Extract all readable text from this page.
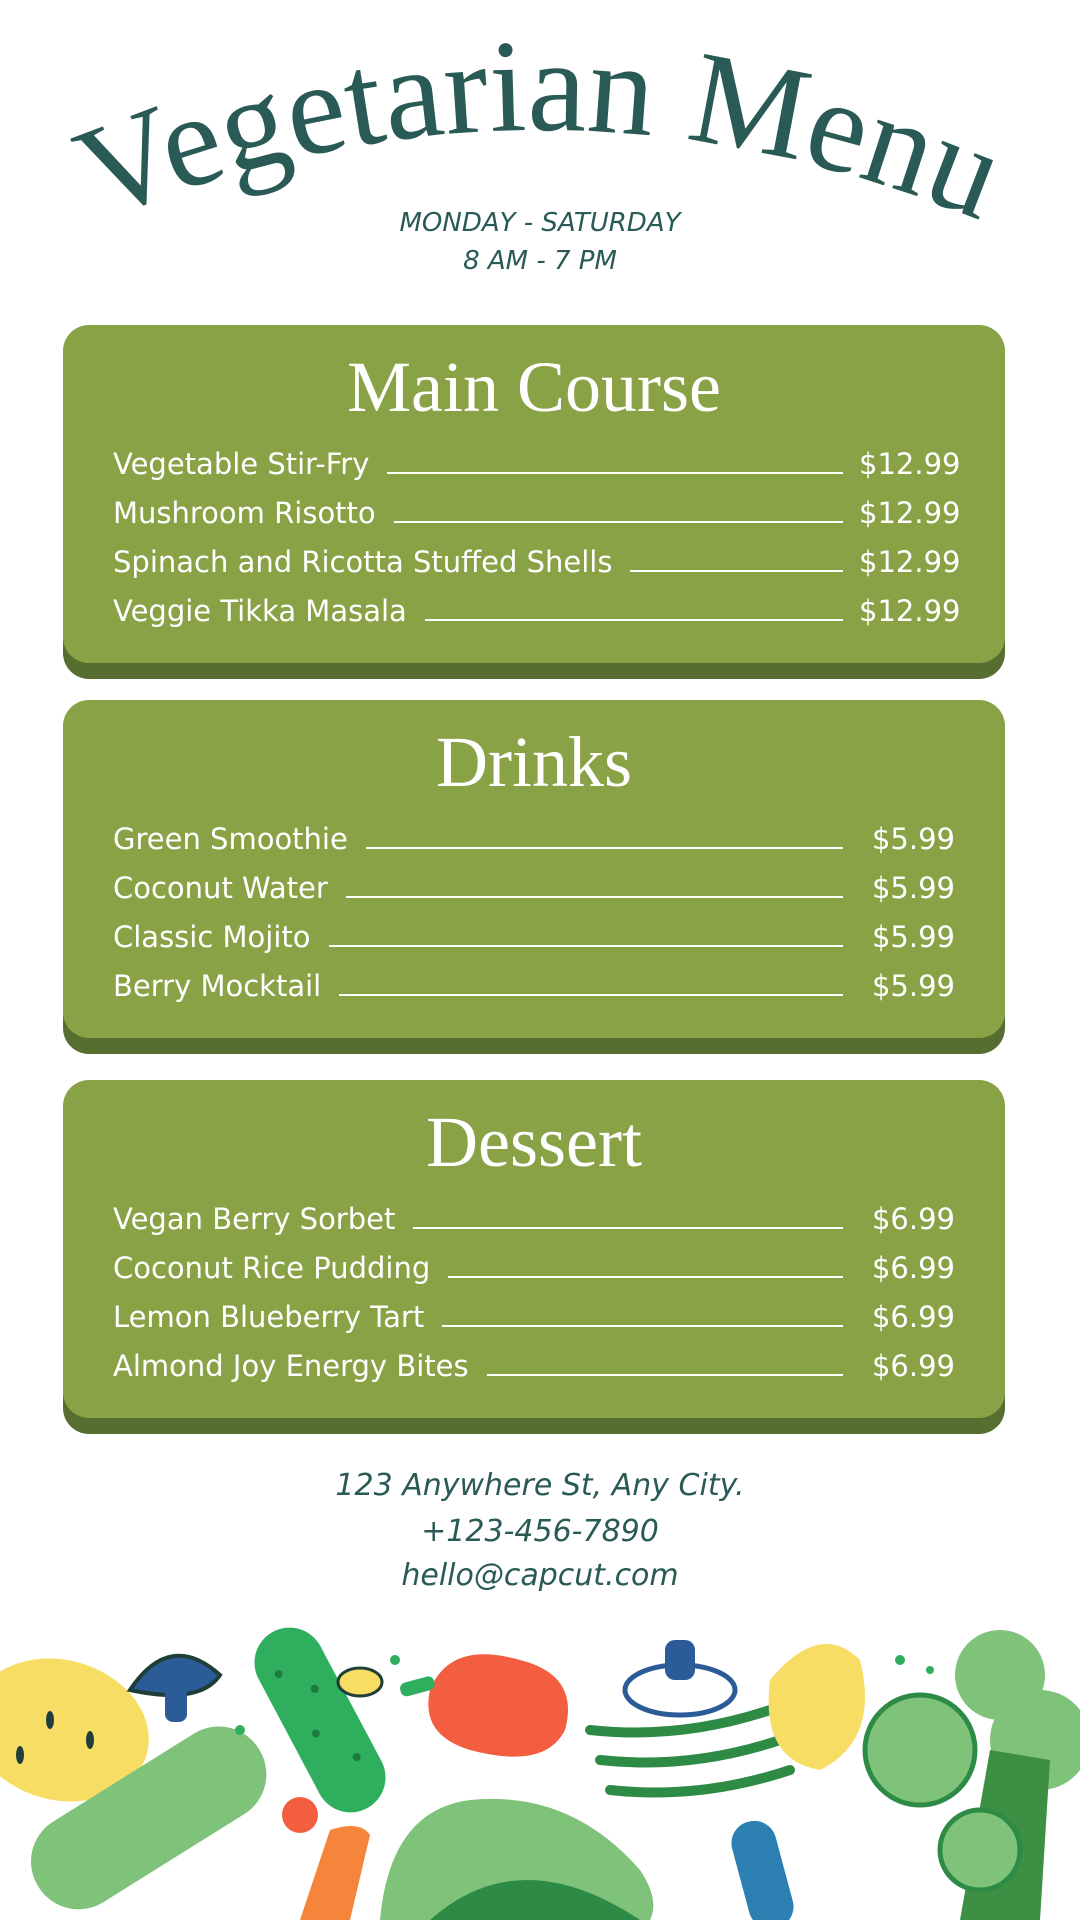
Vegetarian Menu
MONDAY - SATURDAY
8 AM - 7 PM
Main Course
Vegetable Stir-Fry	$12.99
Mushroom Risotto	$12.99
Spinach and Ricotta Stuffed Shells	$12.99
Veggie Tikka Masala	$12.99
Drinks
Green Smoothie	$5.99
Coconut Water	$5.99
Classic Mojito	$5.99
Berry Mocktail	$5.99
Dessert
Vegan Berry Sorbet	$6.99
Coconut Rice Pudding	$6.99
Lemon Blueberry Tart	$6.99
Almond Joy Energy Bites	$6.99
123 Anywhere St, Any City.
+123-456-7890
hello@capcut.com
